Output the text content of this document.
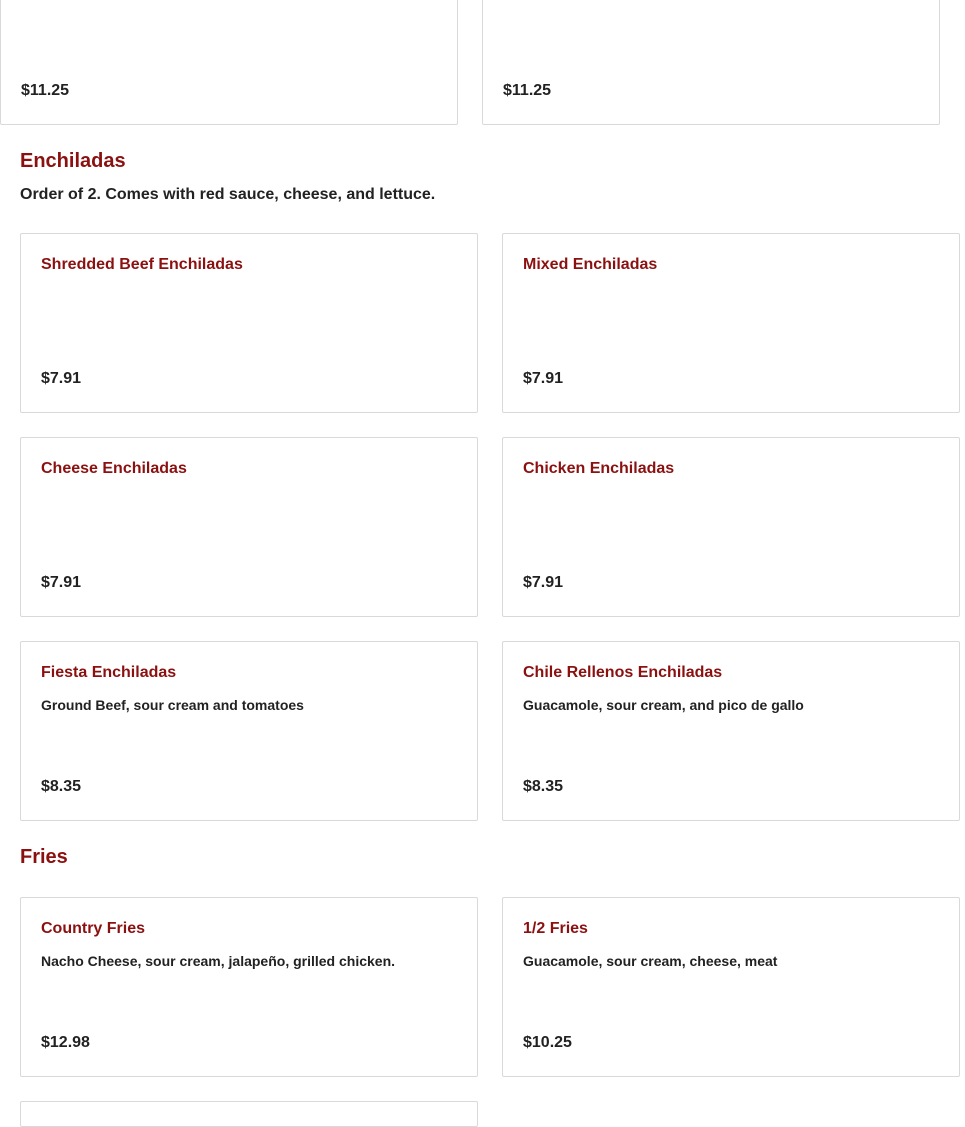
$11.25	$11.25
Enchiladas
Order of 2. Comes with red sauce, cheese, and lettuce.
Shredded Beef Enchiladas
$7.91
Mixed Enchiladas
$7.91
Cheese Enchiladas
$7.91
Chicken Enchiladas
$7.91
Fiesta Enchiladas
Ground Beef, sour cream and tomatoes
$8.35
Chile Rellenos Enchiladas
Guacamole, sour cream, and pico de gallo
$8.35
Fries
Country Fries
Nacho Cheese, sour cream, jalapeño, grilled chicken.
$12.98
1/2 Fries
Guacamole, sour cream, cheese, meat
$10.25
